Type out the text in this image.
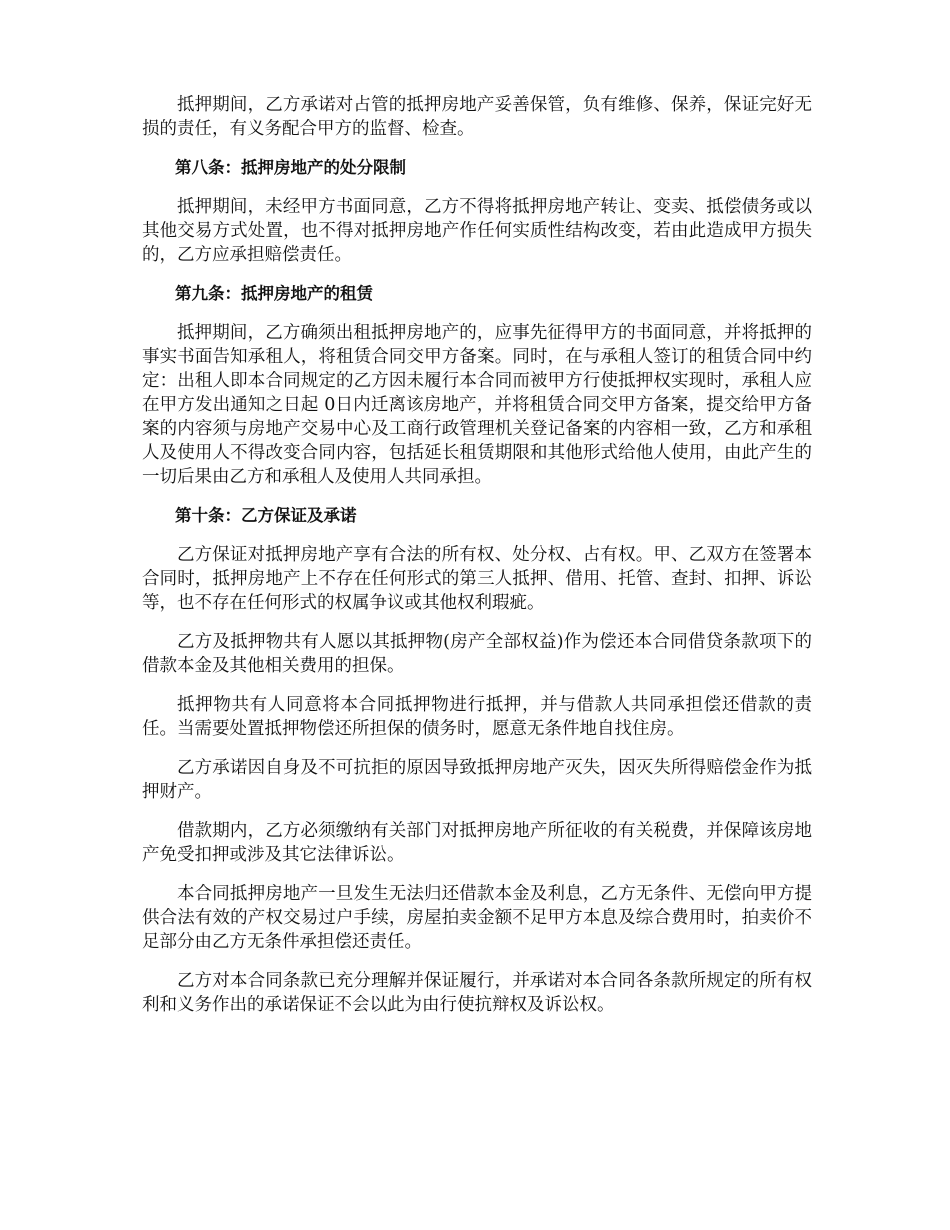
抵押期间，乙方承诺对占管的抵押房地产妥善保管，负有维修、保养，保证完好无损的责任，有义务配合甲方的监督、检查。

第八条：抵押房地产的处分限制

抵押期间，未经甲方书面同意，乙方不得将抵押房地产转让、变卖、抵偿债务或以其他交易方式处置，也不得对抵押房地产作任何实质性结构改变，若由此造成甲方损失的，乙方应承担赔偿责任。

第九条：抵押房地产的租赁

抵押期间，乙方确须出租抵押房地产的，应事先征得甲方的书面同意，并将抵押的事实书面告知承租人，将租赁合同交甲方备案。同时，在与承租人签订的租赁合同中约定：出租人即本合同规定的乙方因未履行本合同而被甲方行使抵押权实现时，承租人应在甲方发出通知之日起 0日内迁离该房地产，并将租赁合同交甲方备案，提交给甲方备案的内容须与房地产交易中心及工商行政管理机关登记备案的内容相一致，乙方和承租人及使用人不得改变合同内容，包括延长租赁期限和其他形式给他人使用，由此产生的一切后果由乙方和承租人及使用人共同承担。

第十条：乙方保证及承诺

乙方保证对抵押房地产享有合法的所有权、处分权、占有权。甲、乙双方在签署本合同时，抵押房地产上不存在任何形式的第三人抵押、借用、托管、查封、扣押、诉讼等，也不存在任何形式的权属争议或其他权利瑕疵。

乙方及抵押物共有人愿以其抵押物(房产全部权益)作为偿还本合同借贷条款项下的借款本金及其他相关费用的担保。

抵押物共有人同意将本合同抵押物进行抵押，并与借款人共同承担偿还借款的责任。当需要处置抵押物偿还所担保的债务时，愿意无条件地自找住房。

乙方承诺因自身及不可抗拒的原因导致抵押房地产灭失，因灭失所得赔偿金作为抵押财产。

借款期内，乙方必须缴纳有关部门对抵押房地产所征收的有关税费，并保障该房地产免受扣押或涉及其它法律诉讼。

本合同抵押房地产一旦发生无法归还借款本金及利息，乙方无条件、无偿向甲方提供合法有效的产权交易过户手续，房屋拍卖金额不足甲方本息及综合费用时，拍卖价不足部分由乙方无条件承担偿还责任。

乙方对本合同条款已充分理解并保证履行，并承诺对本合同各条款所规定的所有权利和义务作出的承诺保证不会以此为由行使抗辩权及诉讼权。
